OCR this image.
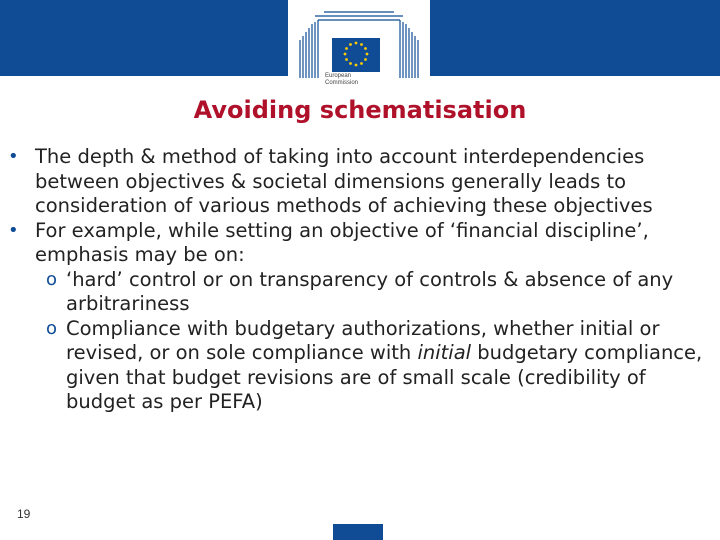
European
Commission
Avoiding schematisation
• The depth & method of taking into account interdependencies between objectives & societal dimensions generally leads to consideration of various methods of achieving these objectives
• For example, while setting an objective of ‘financial discipline’, emphasis may be on:
o ‘hard’ control or on transparency of controls & absence of any arbitrariness
o Compliance with budgetary authorizations, whether initial or revised, or on sole compliance with initial budgetary compliance, given that budget revisions are of small scale (credibility of budget as per PEFA)
19
